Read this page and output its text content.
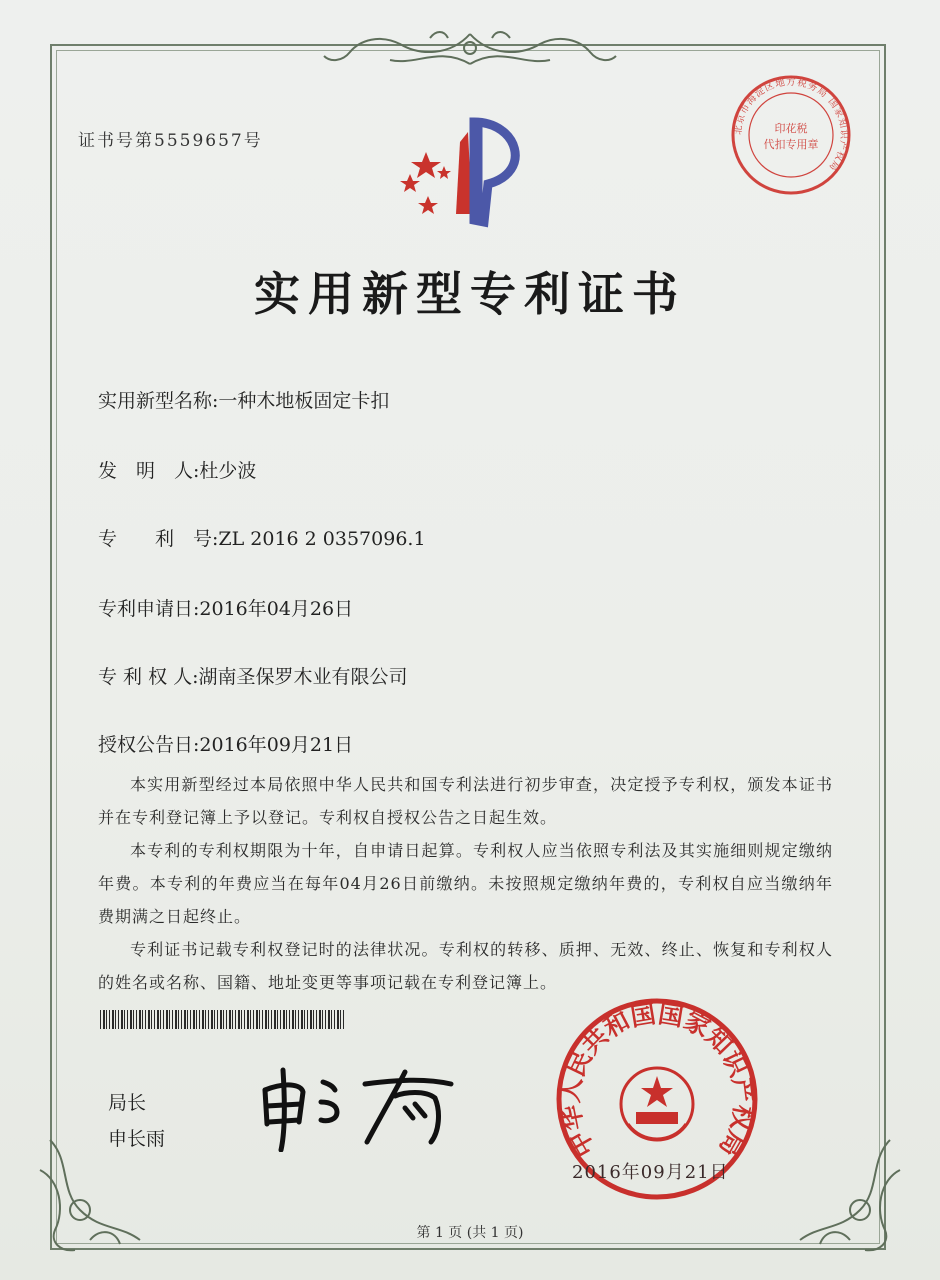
证书号第5559657号
北京市海淀区地方税务局 国家知识产权局
印花税
代扣专用章
实用新型专利证书
实用新型名称:一种木地板固定卡扣
发　明　人:杜少波
专　　利　号:ZL 2016 2 0357096.1
专利申请日:2016年04月26日
专 利 权 人:湖南圣保罗木业有限公司
授权公告日:2016年09月21日

本实用新型经过本局依照中华人民共和国专利法进行初步审查，决定授予专利权，颁发本证书并在专利登记簿上予以登记。专利权自授权公告之日起生效。

本专利的专利权期限为十年，自申请日起算。专利权人应当依照专利法及其实施细则规定缴纳年费。本专利的年费应当在每年04月26日前缴纳。未按照规定缴纳年费的，专利权自应当缴纳年费期满之日起终止。

专利证书记载专利权登记时的法律状况。专利权的转移、质押、无效、终止、恢复和专利权人的姓名或名称、国籍、地址变更等事项记载在专利登记簿上。

局长
申长雨	中华人民共和国国家知识产权局
2016年09月21日
第 1 页 (共 1 页)
